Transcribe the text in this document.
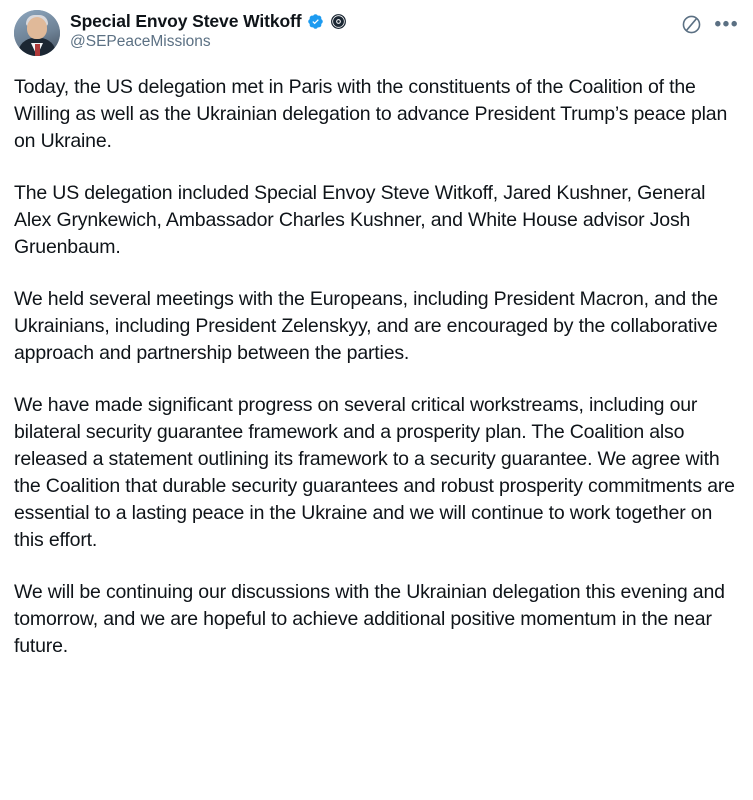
Special Envoy Steve Witkoff
@SEPeaceMissions
•••

Today, the US delegation met in Paris with the constituents of the Coalition of the Willing as well as the Ukrainian delegation to advance President Trump’s peace plan on Ukraine.

The US delegation included Special Envoy Steve Witkoff, Jared Kushner, General Alex Grynkewich, Ambassador Charles Kushner, and White House advisor Josh Gruenbaum.

We held several meetings with the Europeans, including President Macron, and the Ukrainians, including President Zelenskyy, and are encouraged by the collaborative approach and partnership between the parties.

We have made significant progress on several critical workstreams, including our bilateral security guarantee framework and a prosperity plan. The Coalition also released a statement outlining its framework to a security guarantee. We agree with the Coalition that durable security guarantees and robust prosperity commitments are essential to a lasting peace in the Ukraine and we will continue to work together on this effort.

We will be continuing our discussions with the Ukrainian delegation this evening and tomorrow, and we are hopeful to achieve additional positive momentum in the near future.
